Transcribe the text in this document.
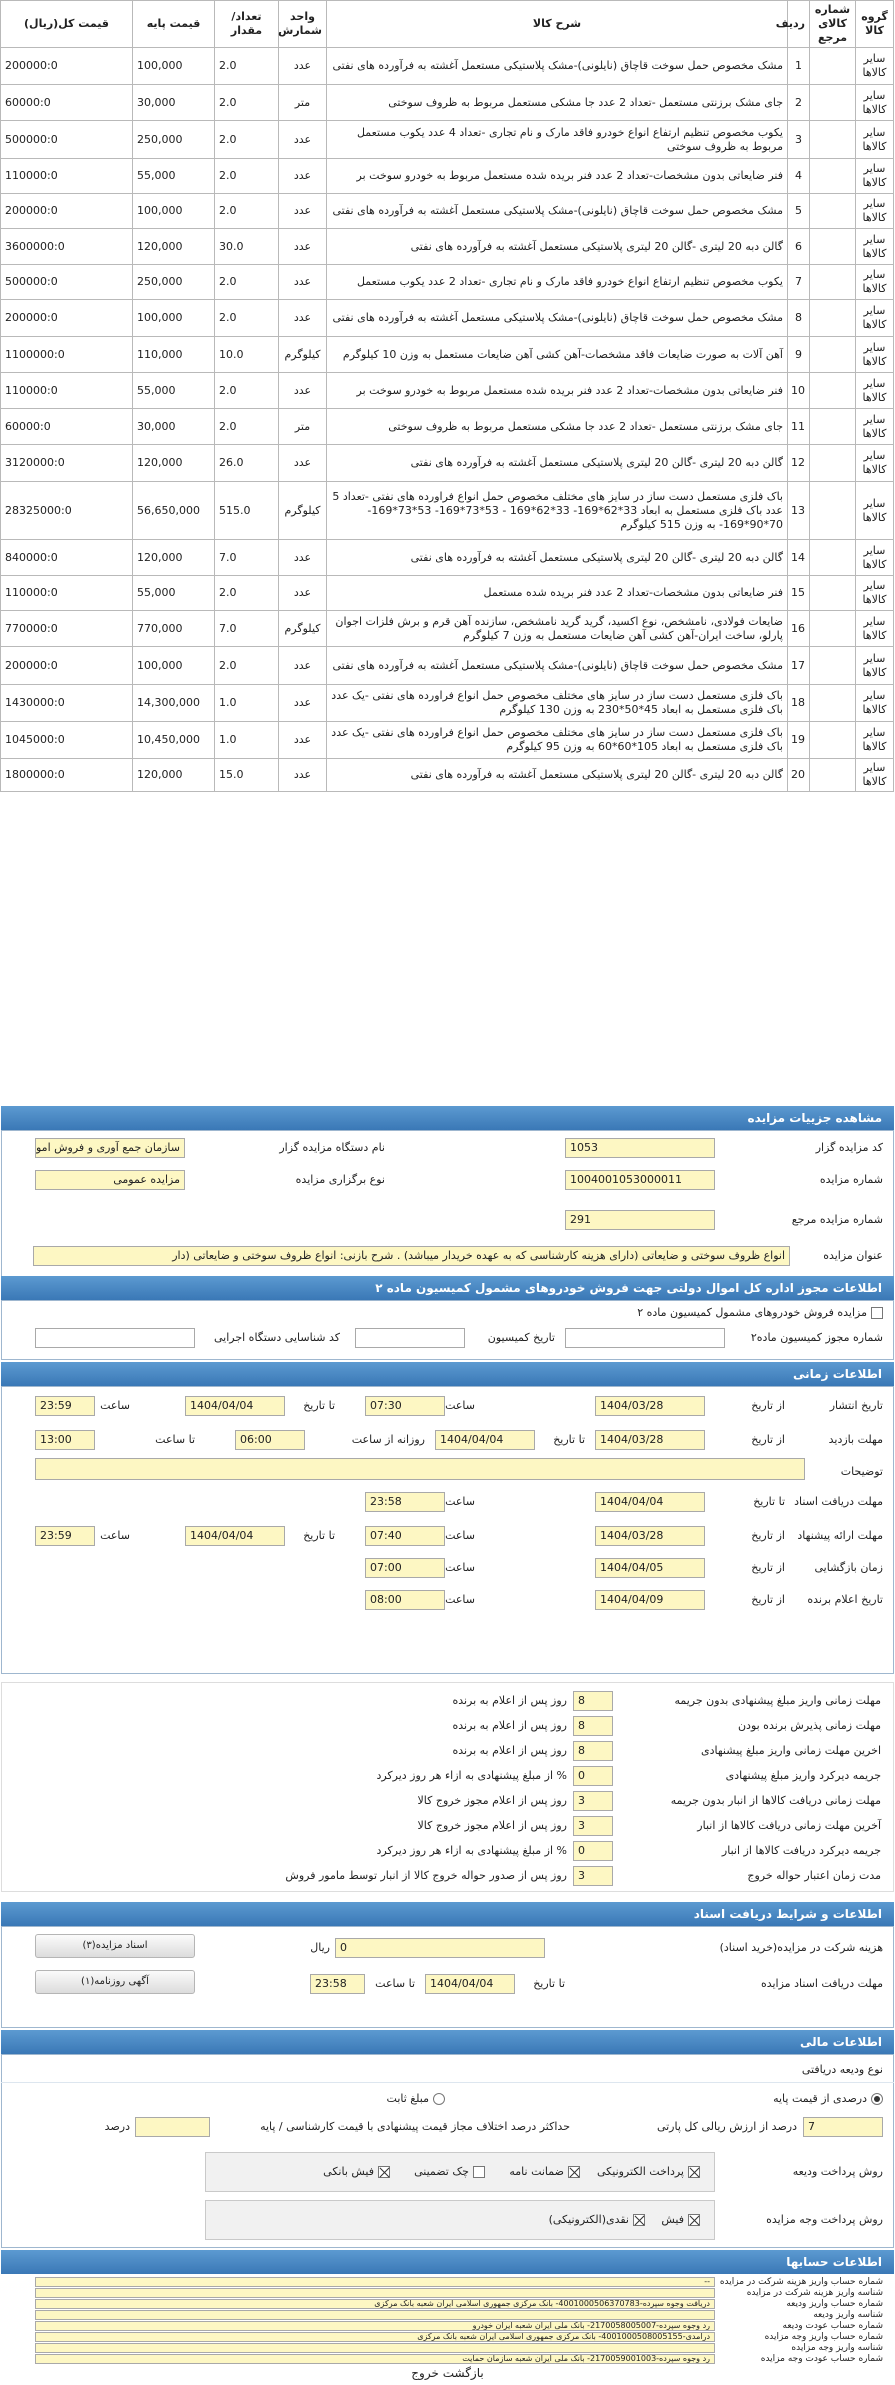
گروه کالا	شماره کالای مرجع	ردیف	شرح کالا	واحد شمارش	تعداد/مقدار	قیمت پایه	قیمت کل(ریال)
سایر کالاها		1	مشک مخصوص حمل سوخت قاچاق (نایلونی)-مشک پلاستیکی مستعمل آغشته به فرآورده های نفتی	عدد	2.0	100,000	200000:0
سایر کالاها		2	جای مشک برزنتی مستعمل -تعداد 2 عدد جا مشکی مستعمل مربوط به ظروف سوختی	متر	2.0	30,000	60000:0
سایر کالاها		3	یکوب مخصوص تنظیم ارتفاع انواع خودرو فاقد مارک و نام تجاری -تعداد 4 عدد یکوب مستعمل مربوط به ظروف سوختی	عدد	2.0	250,000	500000:0
سایر کالاها		4	فنر ضایعاتی بدون مشخصات-تعداد 2 عدد فنر بریده شده مستعمل مربوط به خودرو سوخت بر	عدد	2.0	55,000	110000:0
سایر کالاها		5	مشک مخصوص حمل سوخت قاچاق (نایلونی)-مشک پلاستیکی مستعمل آغشته به فرآورده های نفتی	عدد	2.0	100,000	200000:0
سایر کالاها		6	گالن دبه 20 لیتری -گالن 20 لیتری پلاستیکی مستعمل آغشته به فرآورده های نفتی	عدد	30.0	120,000	3600000:0
سایر کالاها		7	یکوب مخصوص تنظیم ارتفاع انواع خودرو فاقد مارک و نام تجاری -تعداد 2 عدد یکوب مستعمل	عدد	2.0	250,000	500000:0
سایر کالاها		8	مشک مخصوص حمل سوخت قاچاق (نایلونی)-مشک پلاستیکی مستعمل آغشته به فرآورده های نفتی	عدد	2.0	100,000	200000:0
سایر کالاها		9	آهن آلات به صورت ضایعات فاقد مشخصات-آهن کشی آهن ضایعات مستعمل به وزن 10 کیلوگرم	کیلوگرم	10.0	110,000	1100000:0
سایر کالاها		10	فنر ضایعاتی بدون مشخصات-تعداد 2 عدد فنر بریده شده مستعمل مربوط به خودرو سوخت بر	عدد	2.0	55,000	110000:0
سایر کالاها		11	جای مشک برزنتی مستعمل -تعداد 2 عدد جا مشکی مستعمل مربوط به ظروف سوختی	متر	2.0	30,000	60000:0
سایر کالاها		12	گالن دبه 20 لیتری -گالن 20 لیتری پلاستیکی مستعمل آغشته به فرآورده های نفتی	عدد	26.0	120,000	3120000:0
سایر کالاها		13	باک فلزی مستعمل دست ساز در سایز های مختلف مخصوص حمل انواع فراورده های نفتی -تعداد 5 عدد باک فلزی مستعمل به ابعاد 33*62*169- 33*62*169 - 53*73*169- 53*73*169- 70*90*169- به وزن 515 کیلوگرم	کیلوگرم	515.0	56,650,000	28325000:0
سایر کالاها		14	گالن دبه 20 لیتری -گالن 20 لیتری پلاستیکی مستعمل آغشته به فرآورده های نفتی	عدد	7.0	120,000	840000:0
سایر کالاها		15	فنر ضایعاتی بدون مشخصات-تعداد 2 عدد فنر بریده شده مستعمل	عدد	2.0	55,000	110000:0
سایر کالاها		16	ضایعات فولادی، نامشخص، نوع اکسید، گرید گرید نامشخص، سازنده آهن قرم و برش فلزات اجوان پارلو، ساخت ایران-آهن کشی آهن ضایعات مستعمل به وزن 7 کیلوگرم	کیلوگرم	7.0	770,000	770000:0
سایر کالاها		17	مشک مخصوص حمل سوخت قاچاق (نایلونی)-مشک پلاستیکی مستعمل آغشته به فرآورده های نفتی	عدد	2.0	100,000	200000:0
سایر کالاها		18	باک فلزی مستعمل دست ساز در سایز های مختلف مخصوص حمل انواع فراورده های نفتی -یک عدد باک فلزی مستعمل به ابعاد 45*50*230 به وزن 130 کیلوگرم	عدد	1.0	14,300,000	1430000:0
سایر کالاها		19	باک فلزی مستعمل دست ساز در سایز های مختلف مخصوص حمل انواع فراورده های نفتی -یک عدد باک فلزی مستعمل به ابعاد 105*60*60 به وزن 95 کیلوگرم	عدد	1.0	10,450,000	1045000:0
سایر کالاها		20	گالن دبه 20 لیتری -گالن 20 لیتری پلاستیکی مستعمل آغشته به فرآورده های نفتی	عدد	15.0	120,000	1800000:0
مشاهده جزییات مزایده
کد مزایده گزار
1053
نام دستگاه مزایده گزار
سازمان جمع آوری و فروش امو
شماره مزایده
1004001053000011
نوع برگزاری مزایده
مزایده عمومی
شماره مزایده مرجع
291
عنوان مزایده
انواع ظروف سوختی و ضایعاتی (دارای هزینه کارشناسی که به عهده خریدار میباشد) . شرح بازنی: انواع ظروف سوختی و ضایعاتی (دار
اطلاعات مجوز اداره کل اموال دولتی جهت فروش خودروهای مشمول کمیسیون ماده ۲
مزایده فروش خودروهای مشمول کمیسیون ماده ۲
شماره مجوز کمیسیون ماده۲
تاریخ کمیسیون
کد شناسایی دستگاه اجرایی
اطلاعات زمانی
تاریخ انتشار
از تاریخ
1404/03/28
ساعت
07:30
تا تاریخ
1404/04/04
ساعت
23:59
مهلت بازدید
از تاریخ
1404/03/28
تا تاریخ
1404/04/04
روزانه از ساعت
06:00
تا ساعت
13:00
توضیحات
مهلت دریافت اسناد
تا تاریخ
1404/04/04
ساعت
23:58
مهلت ارائه پیشنهاد
از تاریخ
1404/03/28
ساعت
07:40
تا تاریخ
1404/04/04
ساعت
23:59
زمان بازگشایی
از تاریخ
1404/04/05
ساعت
07:00
تاریخ اعلام برنده
از تاریخ
1404/04/09
ساعت
08:00
مهلت زمانی واریز مبلغ پیشنهادی بدون جریمه
8
روز پس از اعلام به برنده
مهلت زمانی پذیرش برنده بودن
8
روز پس از اعلام به برنده
اخرین مهلت زمانی واریز مبلغ پیشنهادی
8
روز پس از اعلام به برنده
جریمه دیرکرد واریز مبلغ پیشنهادی
0
% از مبلغ پیشنهادی به ازاء هر روز دیرکرد
مهلت زمانی دریافت کالاها از انبار بدون جریمه
3
روز پس از اعلام مجوز خروج کالا
آخرین مهلت زمانی دریافت کالاها از انبار
3
روز پس از اعلام مجوز خروج کالا
جریمه دیرکرد دریافت کالاها از انبار
0
% از مبلغ پیشنهادی به ازاء هر روز دیرکرد
مدت زمان اعتبار حواله خروج
3
روز پس از صدور حواله خروج کالا از انبار توسط مامور فروش
اطلاعات و شرایط دریافت اسناد
هزینه شرکت در مزایده(خرید اسناد)
0
ریال
اسناد مزایده(۳)
مهلت دریافت اسناد مزایده
تا تاریخ
1404/04/04
تا ساعت
23:58
آگهی روزنامه(۱)
اطلاعات مالی
نوع ودیعه دریافتی
درصدی از قیمت پایه
مبلغ ثابت
7
درصد از ارزش ریالی کل پارتی
حداکثر درصد اختلاف مجاز قیمت پیشنهادی با قیمت کارشناسی / پایه
درصد
روش پرداخت ودیعه
پرداخت الکترونیکی
ضمانت نامه
چک تضمینی
فیش بانکی
روش پرداخت وجه مزایده
فیش
نقدی(الکترونیکی)
اطلاعات حسابها
بازگشت خروج
شماره حساب واریز هزینه شرکت در مزایده
--
شناسه واریز هزینه شرکت در مزایده
شماره حساب واریز ودیعه
دریافت وجوه سپرده-4001000506370783- بانک مرکزی جمهوری اسلامی ایران شعبه بانک مرکزی
شناسه واریز ودیعه
شماره حساب عودت ودیعه
رد وجوه سپرده-2170058005007- بانک ملی ایران شعبه ایران خودرو
شماره حساب واریز وجه مزایده
درآمدی-4001000508005155- بانک مرکزی جمهوری اسلامی ایران شعبه بانک مرکزی
شناسه واریز وجه مزایده
شماره حساب عودت وجه مزایده
رد وجوه سپرده-2170059001003- بانک ملی ایران شعبه سازمان حمایت
